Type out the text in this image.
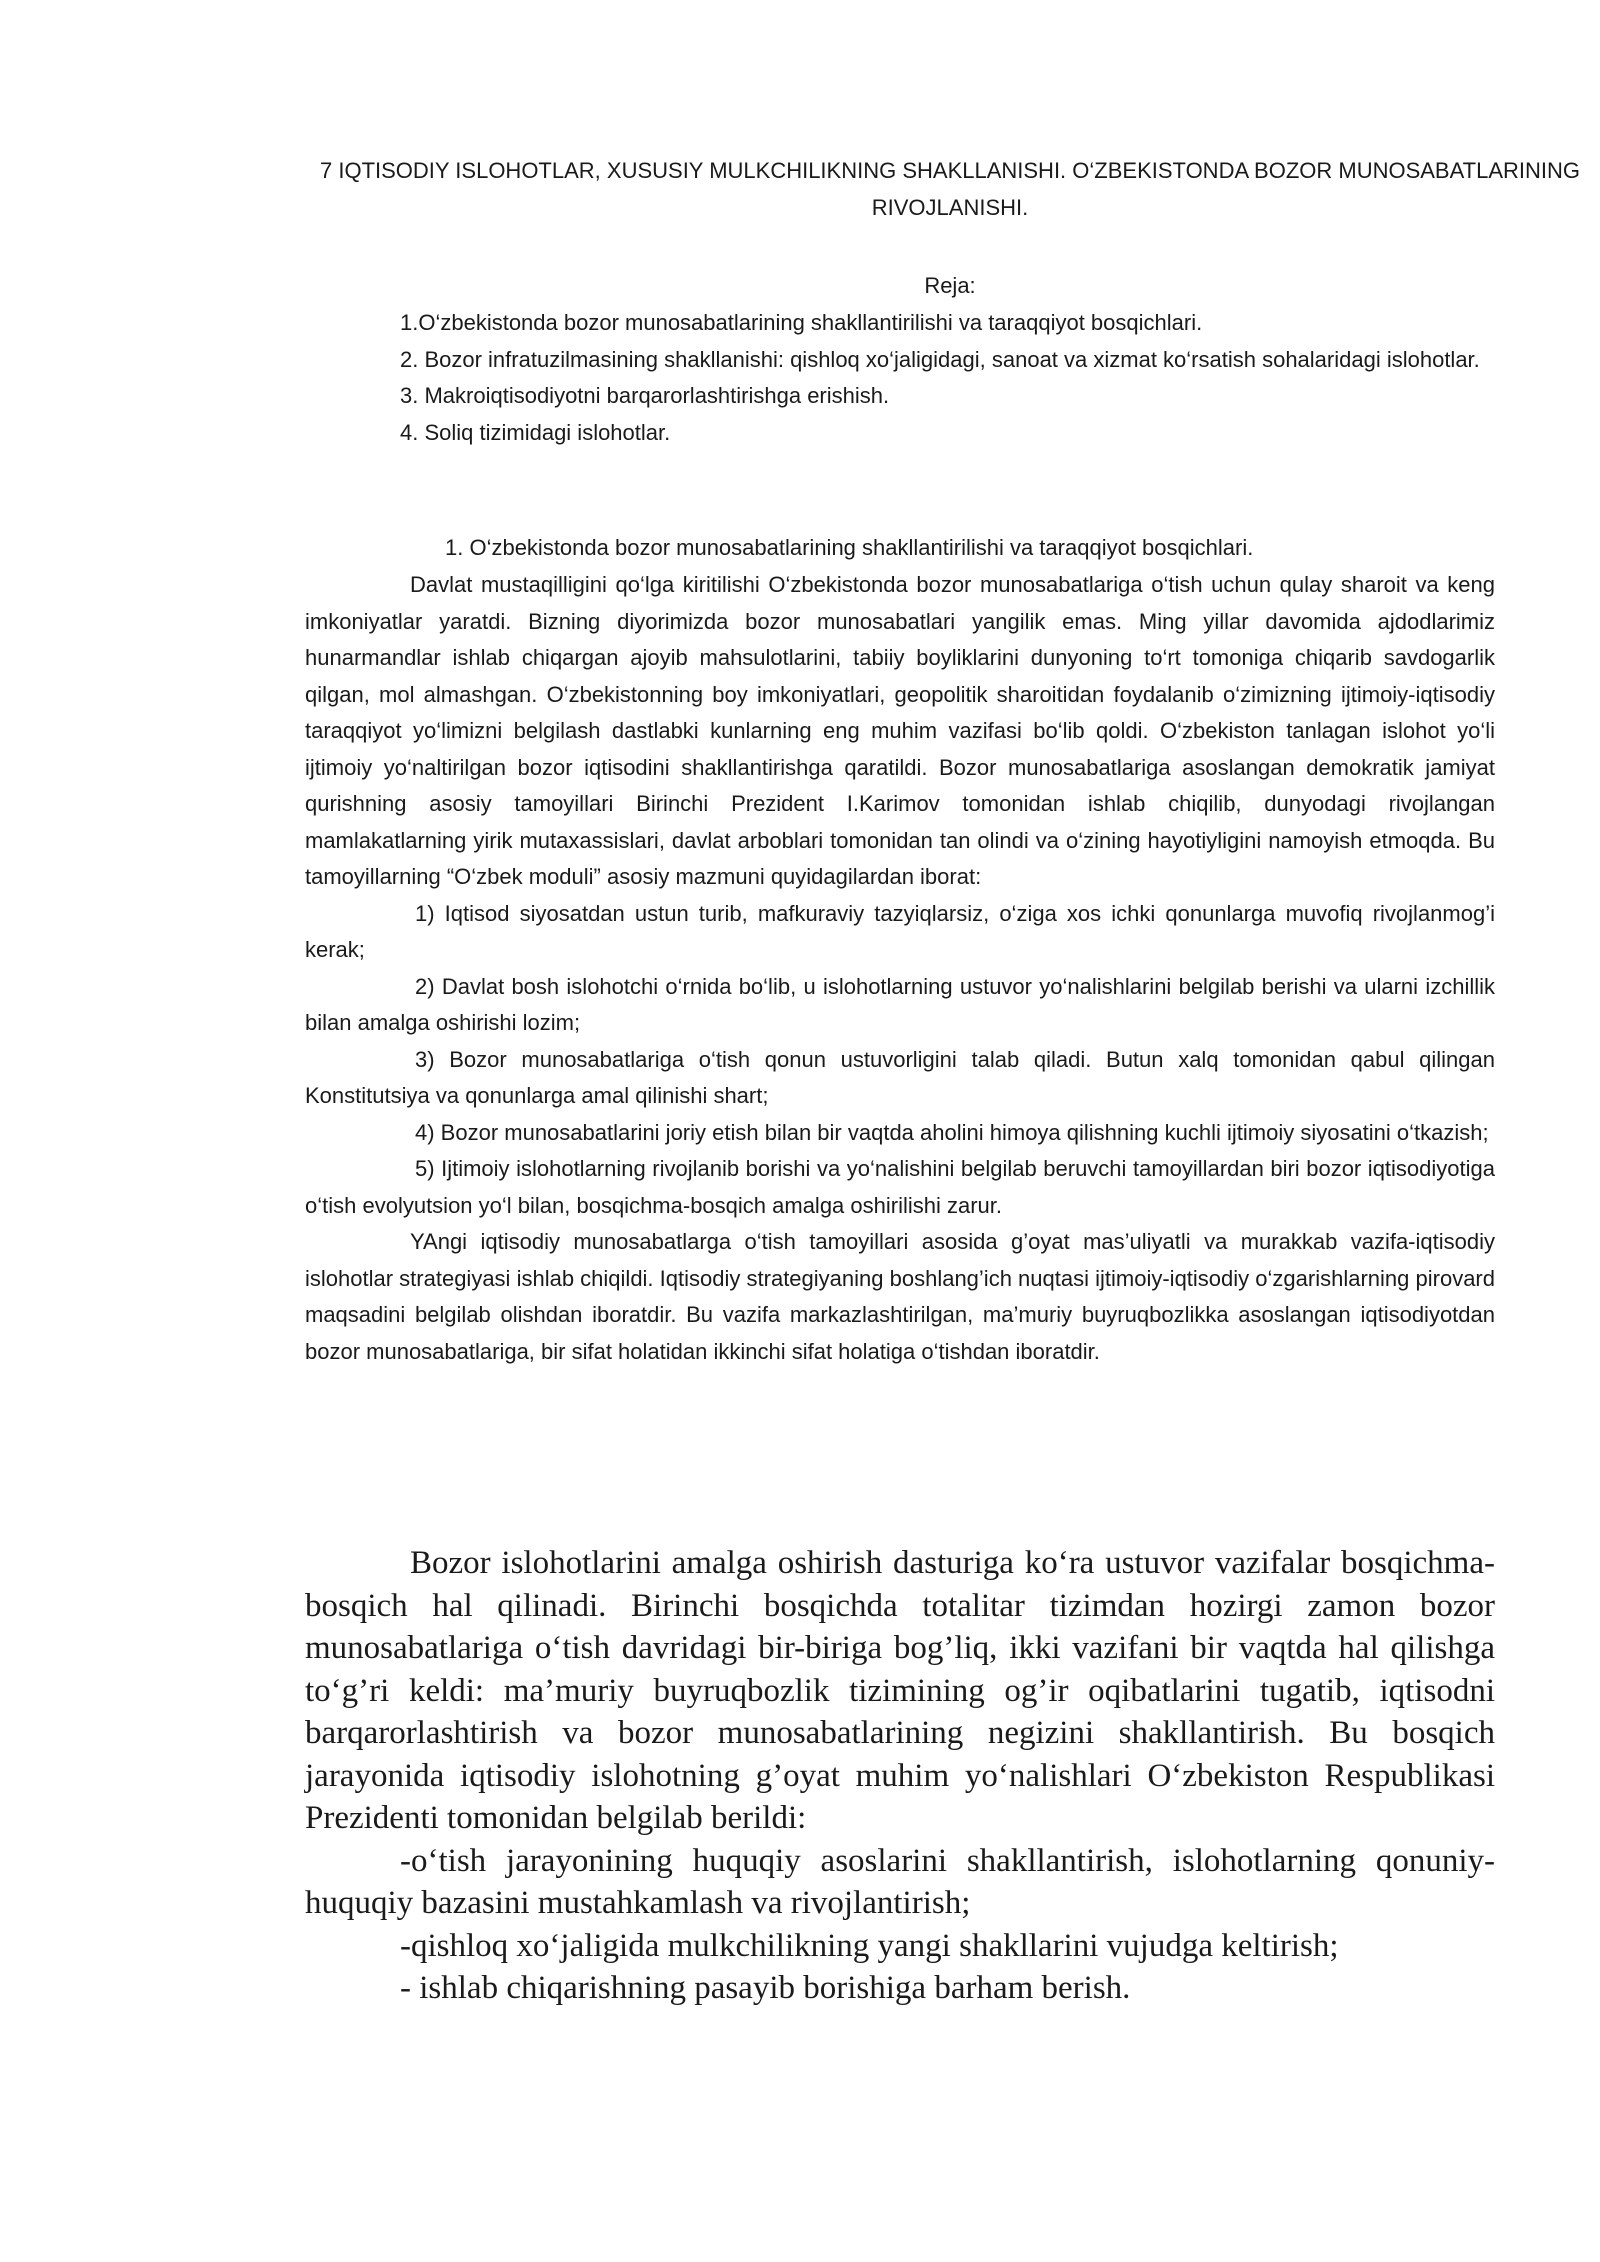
7 IQTISODIY ISLOHOTLAR, XUSUSIY MULKCHILIKNING SHAKLLANISHI. O‘ZBEKISTONDA BOZOR MUNOSABATLARINING RIVOJLANISHI.
Reja:

1.O‘zbekistonda bozor munosabatlarining shakllantirilishi va taraqqiyot bosqichlari.

2. Bozor infratuzilmasining shakllanishi: qishloq xo‘jaligidagi, sanoat va xizmat ko‘rsatish sohalaridagi islohotlar.

3. Makroiqtisodiyotni barqarorlashtirishga erishish.

4. Soliq tizimidagi islohotlar.

1. O‘zbekistonda bozor munosabatlarining shakllantirilishi va taraqqiyot bosqichlari.

Davlat mustaqilligini qo‘lga kiritilishi O‘zbekistonda bozor munosabatlariga o‘tish uchun qulay sharoit va keng imkoniyatlar yaratdi. Bizning diyorimizda bozor munosabatlari yangilik emas. Ming yillar davomida ajdodlarimiz hunarmandlar ishlab chiqargan ajoyib mahsulotlarini, tabiiy boyliklarini dunyoning to‘rt tomoniga chiqarib savdogarlik qilgan, mol almashgan. O‘zbekistonning boy imkoniyatlari, geopolitik sharoitidan foydalanib o‘zimizning ijtimoiy-iqtisodiy taraqqiyot yo‘limizni belgilash dastlabki kunlarning eng muhim vazifasi bo‘lib qoldi. O‘zbekiston tanlagan islohot yo‘li ijtimoiy yo‘naltirilgan bozor iqtisodini shakllantirishga qaratildi. Bozor munosabatlariga asoslangan demokratik jamiyat qurishning asosiy tamoyillari Birinchi Prezident I.Karimov tomonidan ishlab chiqilib, dunyodagi rivojlangan mamlakatlarning yirik mutaxassislari, davlat arboblari tomonidan tan olindi va o‘zining hayotiyligini namoyish etmoqda. Bu tamoyillarning “O‘zbek moduli” asosiy mazmuni quyidagilardan iborat:

1) Iqtisod siyosatdan ustun turib, mafkuraviy tazyiqlarsiz, o‘ziga xos ichki qonunlarga muvofiq rivojlanmog’i kerak;

2) Davlat bosh islohotchi o‘rnida bo‘lib, u islohotlarning ustuvor yo‘nalishlarini belgilab berishi va ularni izchillik bilan amalga oshirishi lozim;

3) Bozor munosabatlariga o‘tish qonun ustuvorligini talab qiladi. Butun xalq tomonidan qabul qilingan Konstitutsiya va qonunlarga amal qilinishi shart;

4) Bozor munosabatlarini joriy etish bilan bir vaqtda aholini himoya qilishning kuchli ijtimoiy siyosatini o‘tkazish;

5) Ijtimoiy islohotlarning rivojlanib borishi va yo‘nalishini belgilab beruvchi tamoyillardan biri bozor iqtisodiyotiga o‘tish evolyutsion yo‘l bilan, bosqichma-bosqich amalga oshirilishi zarur.

YAngi iqtisodiy munosabatlarga o‘tish tamoyillari asosida g’oyat mas’uliyatli va murakkab vazifa-iqtisodiy islohotlar strategiyasi ishlab chiqildi. Iqtisodiy strategiyaning boshlang’ich nuqtasi ijtimoiy-iqtisodiy o‘zgarishlarning pirovard maqsadini belgilab olishdan iboratdir. Bu vazifa markazlashtirilgan, ma’muriy buyruqbozlikka asoslangan iqtisodiyotdan bozor munosabatlariga, bir sifat holatidan ikkinchi sifat holatiga o‘tishdan iboratdir.

Bozor islohotlarini amalga oshirish dasturiga ko‘ra ustuvor vazifalar bosqichma-bosqich hal qilinadi. Birinchi bosqichda totalitar tizimdan hozirgi zamon bozor munosabatlariga o‘tish davridagi bir-biriga bog’liq, ikki vazifani bir vaqtda hal qilishga to‘g’ri keldi: ma’muriy buyruqbozlik tizimining og’ir oqibatlarini tugatib, iqtisodni barqarorlashtirish va bozor munosabatlarining negizini shakllantirish. Bu bosqich jarayonida iqtisodiy islohotning g’oyat muhim yo‘nalishlari O‘zbekiston Respublikasi Prezidenti tomonidan belgilab berildi:

-o‘tish jarayonining huquqiy asoslarini shakllantirish, islohotlarning qonuniy-huquqiy bazasini mustahkamlash va rivojlantirish;

-qishloq xo‘jaligida mulkchilikning yangi shakllarini vujudga keltirish;

- ishlab chiqarishning pasayib borishiga barham berish.
